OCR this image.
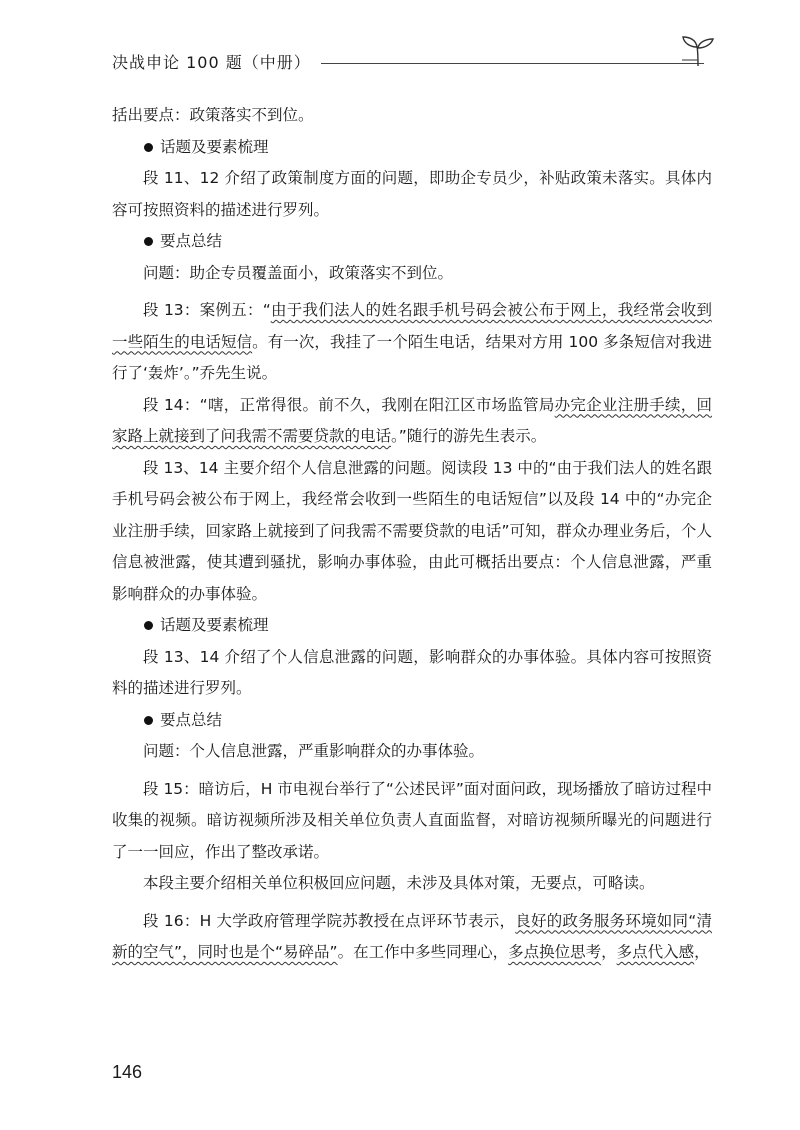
决战申论 100 题（中册）

括出要点：政策落实不到位。

话题及要素梳理

段 11、12 介绍了政策制度方面的问题，即助企专员少，补贴政策未落实。具体内容可按照资料的描述进行罗列。

要点总结

问题：助企专员覆盖面小，政策落实不到位。

段 13：案例五：“由于我们法人的姓名跟手机号码会被公布于网上，我经常会收到一些陌生的电话短信。有一次，我挂了一个陌生电话，结果对方用 100 多条短信对我进行了‘轰炸’。”乔先生说。

段 14：“嗐，正常得很。前不久，我刚在阳江区市场监管局办完企业注册手续，回家路上就接到了问我需不需要贷款的电话。”随行的游先生表示。

段 13、14 主要介绍个人信息泄露的问题。阅读段 13 中的“由于我们法人的姓名跟手机号码会被公布于网上，我经常会收到一些陌生的电话短信”以及段 14 中的“办完企业注册手续，回家路上就接到了问我需不需要贷款的电话”可知，群众办理业务后，个人信息被泄露，使其遭到骚扰，影响办事体验，由此可概括出要点：个人信息泄露，严重影响群众的办事体验。

话题及要素梳理

段 13、14 介绍了个人信息泄露的问题，影响群众的办事体验。具体内容可按照资料的描述进行罗列。

要点总结

问题：个人信息泄露，严重影响群众的办事体验。

段 15：暗访后，H 市电视台举行了“公述民评”面对面问政，现场播放了暗访过程中收集的视频。暗访视频所涉及相关单位负责人直面监督，对暗访视频所曝光的问题进行了一一回应，作出了整改承诺。

本段主要介绍相关单位积极回应问题，未涉及具体对策，无要点，可略读。

段 16：H 大学政府管理学院苏教授在点评环节表示，良好的政务服务环境如同“清新的空气”，同时也是个“易碎品”。在工作中多些同理心，多点换位思考，多点代入感，

146
